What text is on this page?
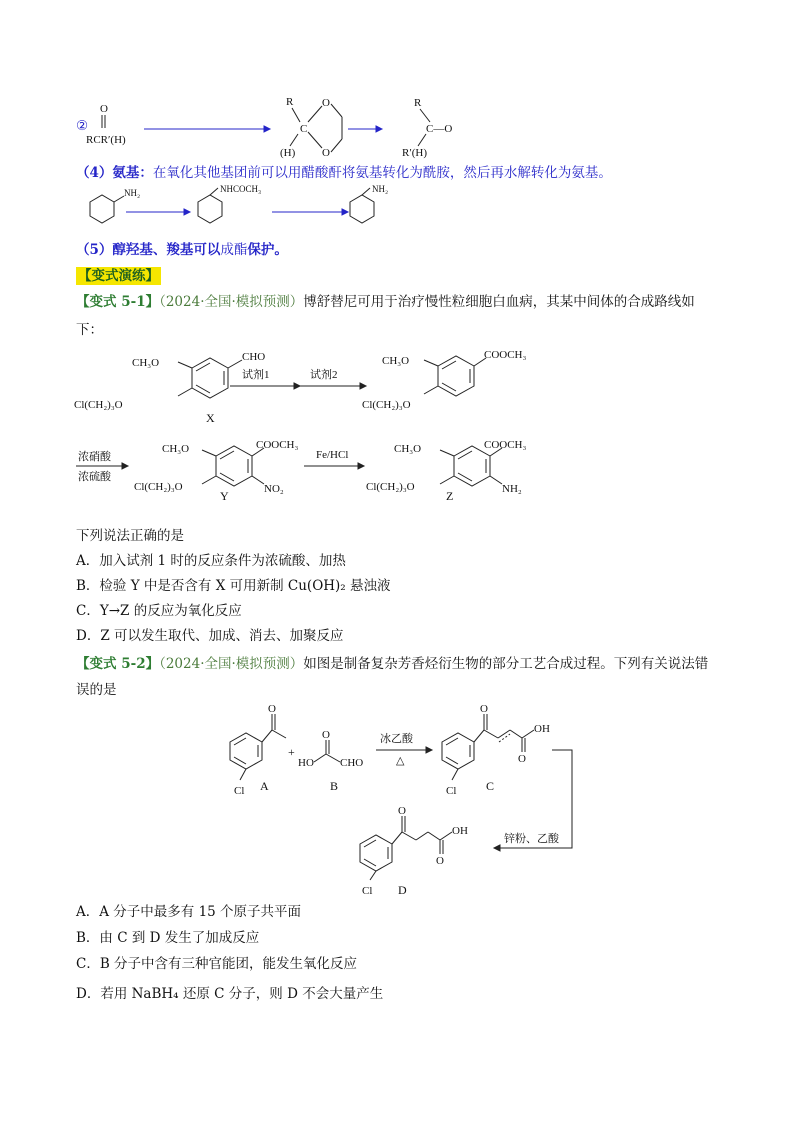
②
O
RCR′(H)
R	O
C
(H) O
R
C—O
R′(H)
（4）氨基：在氧化其他基团前可以用醋酸酐将氨基转化为酰胺，然后再水解转化为氨基。
NH₂	NHCOCH₃	NH₂
（5）醇羟基、羧基可以成酯保护。
【变式演练】
【变式 5-1】（2024·全国·模拟预测）博舒替尼可用于治疗慢性粒细胞白血病，其某中间体的合成路线如
下：
CHO
CH₃O
Cl(CH₂)₃O
X
试剂1	试剂2
COOCH₃
CH₃O
Cl(CH₂)₃O
浓硝酸
浓硫酸
COOCH₃
CH₃O
Cl(CH₂)₃O	NO₂
Y
Fe/HCl
COOCH₃
CH₃O
Cl(CH₂)₃O	NH₂
Z
下列说法正确的是
A．加入试剂 1 时的反应条件为浓硫酸、加热
B．检验 Y 中是否含有 X 可用新制 Cu(OH)₂ 悬浊液
C．Y→Z 的反应为氧化反应
D．Z 可以发生取代、加成、消去、加聚反应
【变式 5-2】（2024·全国·模拟预测）如图是制备复杂芳香烃衍生物的部分工艺合成过程。下列有关说法错
误的是
O
Cl A
+
HO
O
CHO
B
冰乙酸
△
O
OH
O
Cl C
锌粉、乙酸
O
OH
O
Cl D
A．A 分子中最多有 15 个原子共平面
B．由 C 到 D 发生了加成反应
C．B 分子中含有三种官能团，能发生氧化反应
D．若用 NaBH₄ 还原 C 分子，则 D 不会大量产生
